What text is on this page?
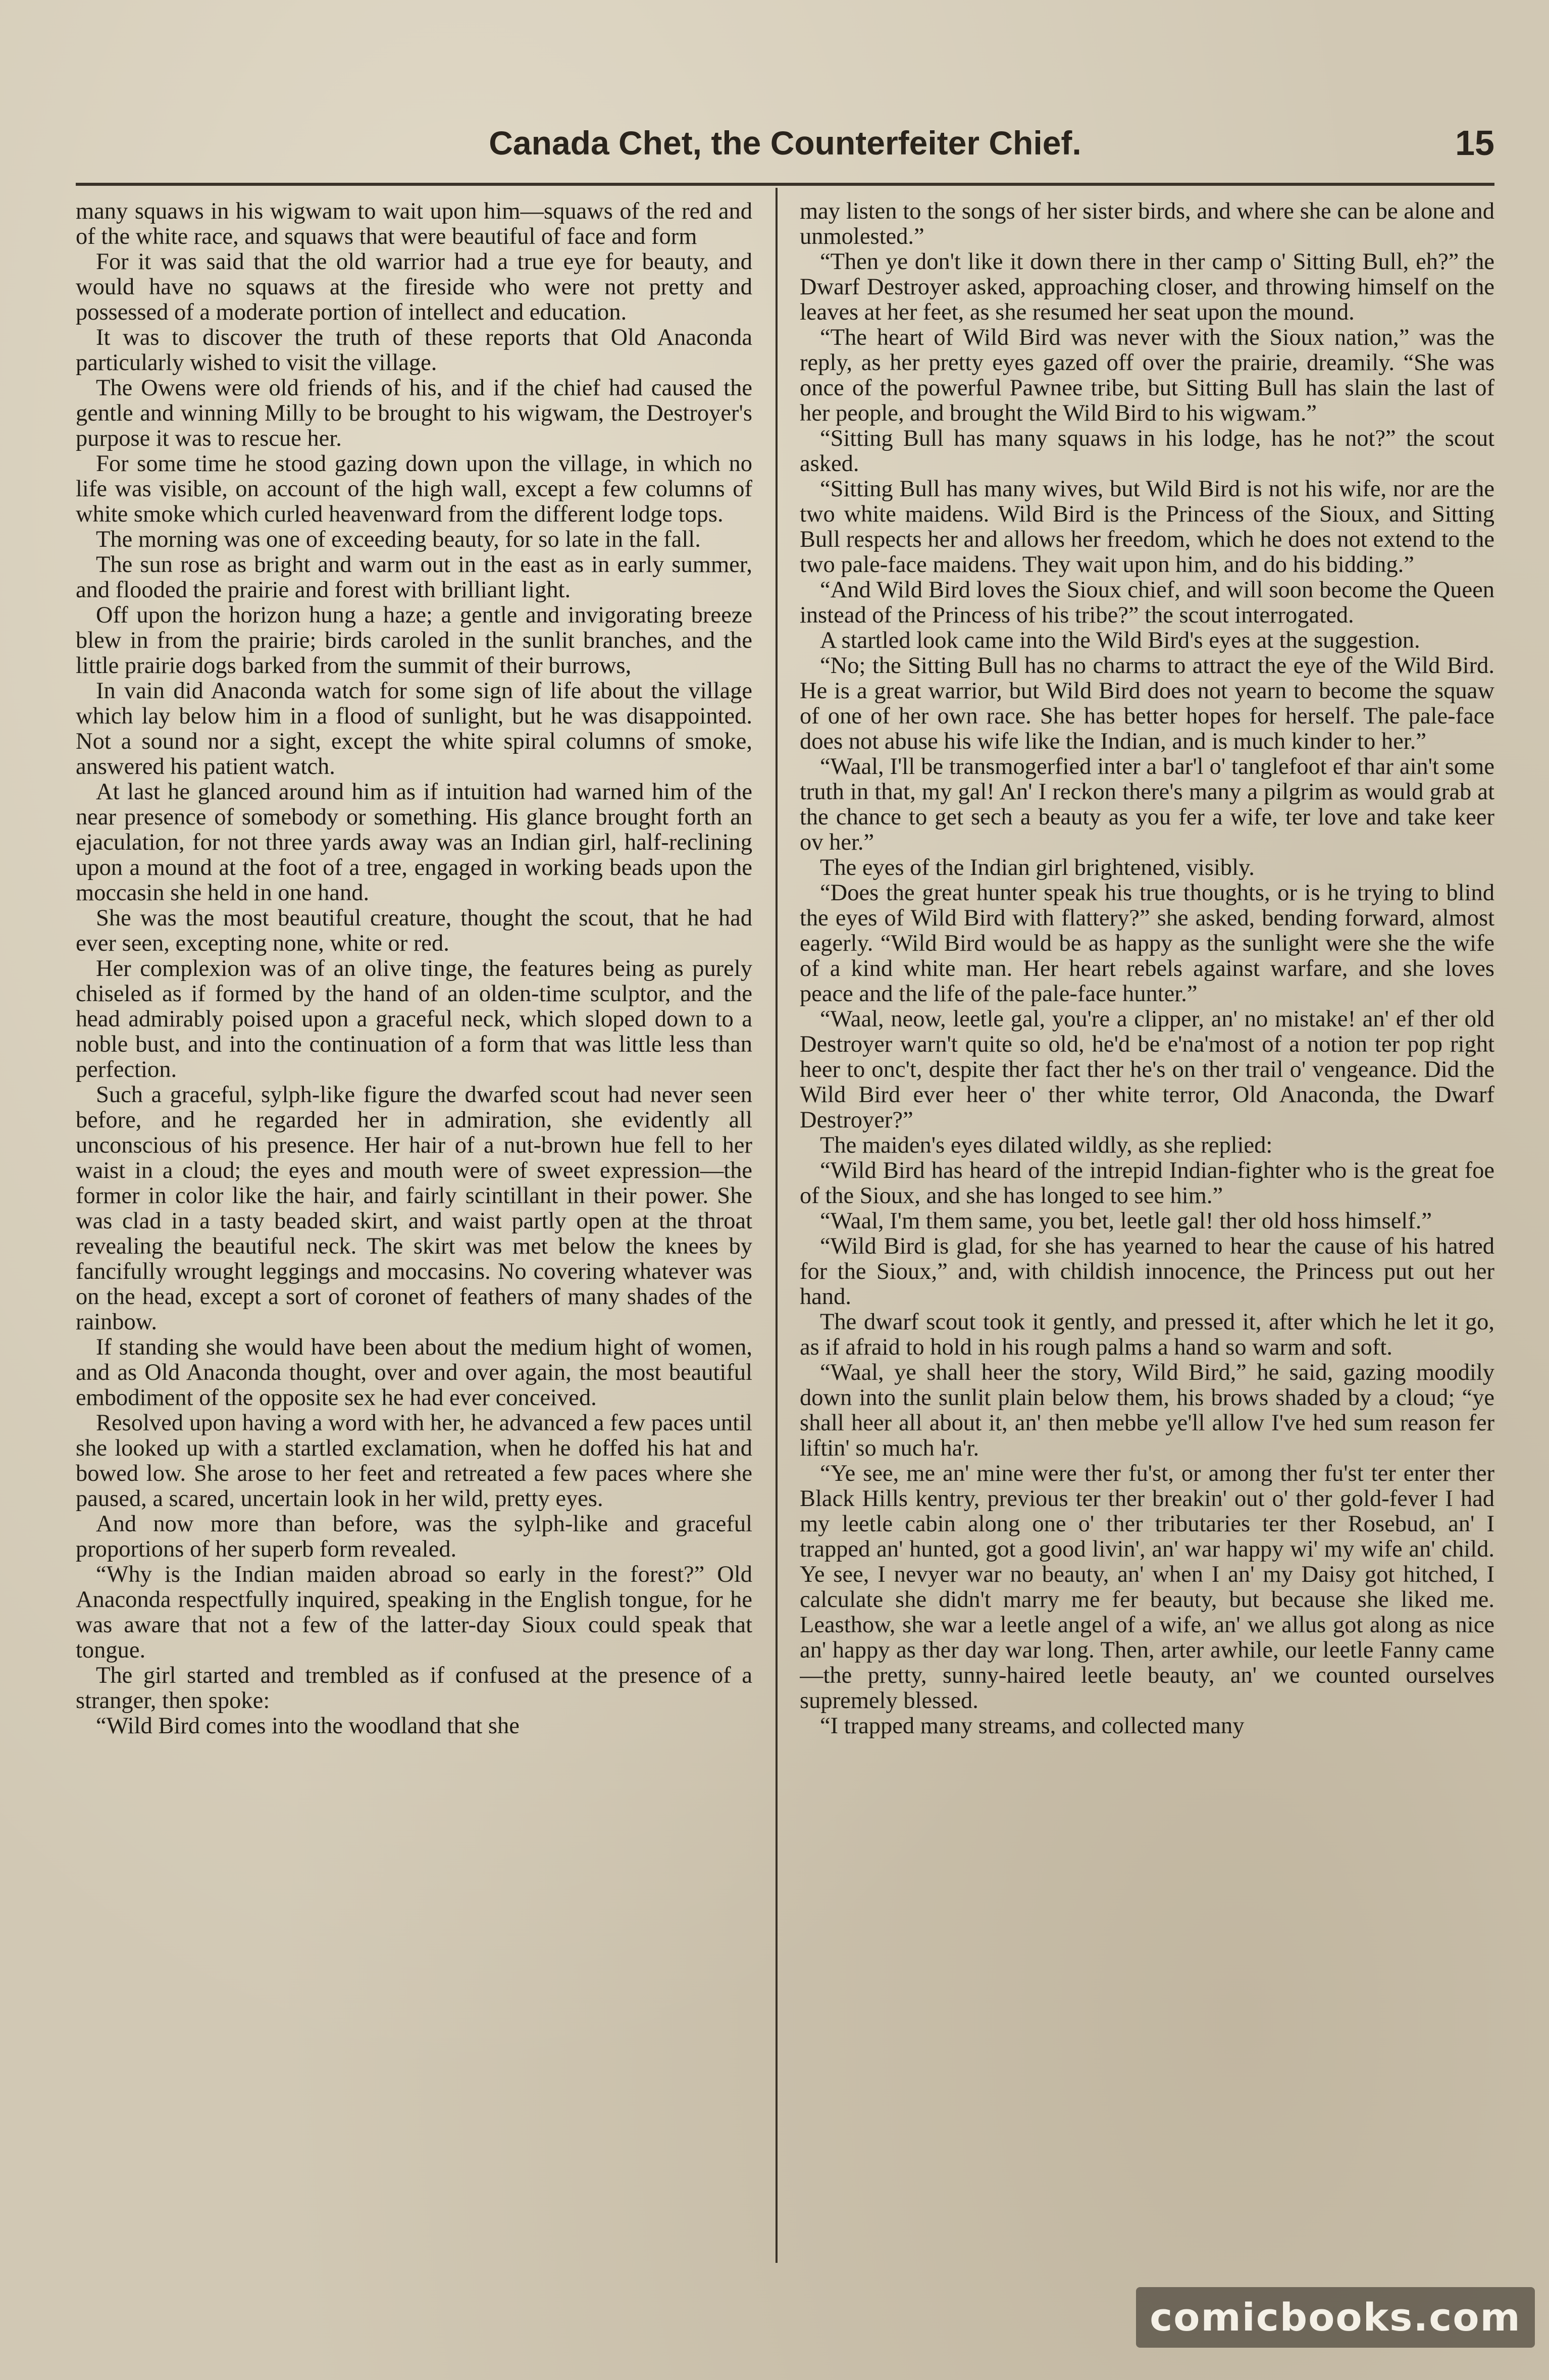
Canada Chet, the Counterfeiter Chief.	15

many squaws in his wigwam to wait upon him—squaws of the red and of the white race, and squaws that were beautiful of face and form

For it was said that the old warrior had a true eye for beauty, and would have no squaws at the fireside who were not pretty and possessed of a moderate portion of intellect and education.

It was to discover the truth of these reports that Old Anaconda particularly wished to visit the village.

The Owens were old friends of his, and if the chief had caused the gentle and winning Milly to be brought to his wigwam, the Destroyer's purpose it was to rescue her.

For some time he stood gazing down upon the village, in which no life was visible, on account of the high wall, except a few columns of white smoke which curled heavenward from the different lodge tops.

The morning was one of exceeding beauty, for so late in the fall.

The sun rose as bright and warm out in the east as in early summer, and flooded the prairie and forest with brilliant light.

Off upon the horizon hung a haze; a gentle and invigorating breeze blew in from the prairie; birds caroled in the sunlit branches, and the little prairie dogs barked from the summit of their burrows,

In vain did Anaconda watch for some sign of life about the village which lay below him in a flood of sunlight, but he was disappointed. Not a sound nor a sight, except the white spiral columns of smoke, answered his patient watch.

At last he glanced around him as if intuition had warned him of the near presence of somebody or something. His glance brought forth an ejaculation, for not three yards away was an Indian girl, half-reclining upon a mound at the foot of a tree, engaged in working beads upon the moccasin she held in one hand.

She was the most beautiful creature, thought the scout, that he had ever seen, excepting none, white or red.

Her complexion was of an olive tinge, the features being as purely chiseled as if formed by the hand of an olden-time sculptor, and the head admirably poised upon a graceful neck, which sloped down to a noble bust, and into the continuation of a form that was little less than perfection.

Such a graceful, sylph-like figure the dwarfed scout had never seen before, and he regarded her in admiration, she evidently all unconscious of his presence. Her hair of a nut-brown hue fell to her waist in a cloud; the eyes and mouth were of sweet expression—the former in color like the hair, and fairly scintillant in their power. She was clad in a tasty beaded skirt, and waist partly open at the throat revealing the beautiful neck. The skirt was met below the knees by fancifully wrought leggings and moccasins. No covering whatever was on the head, except a sort of coronet of feathers of many shades of the rainbow.

If standing she would have been about the medium hight of women, and as Old Anaconda thought, over and over again, the most beautiful embodiment of the opposite sex he had ever conceived.

Resolved upon having a word with her, he advanced a few paces until she looked up with a startled exclamation, when he doffed his hat and bowed low. She arose to her feet and retreated a few paces where she paused, a scared, uncertain look in her wild, pretty eyes.

And now more than before, was the sylph-like and graceful proportions of her superb form revealed.

“Why is the Indian maiden abroad so early in the forest?” Old Anaconda respectfully inquired, speaking in the English tongue, for he was aware that not a few of the latter-day Sioux could speak that tongue.

The girl started and trembled as if confused at the presence of a stranger, then spoke:

“Wild Bird comes into the woodland that she

may listen to the songs of her sister birds, and where she can be alone and unmolested.”

“Then ye don't like it down there in ther camp o' Sitting Bull, eh?” the Dwarf Destroyer asked, approaching closer, and throwing himself on the leaves at her feet, as she resumed her seat upon the mound.

“The heart of Wild Bird was never with the Sioux nation,” was the reply, as her pretty eyes gazed off over the prairie, dreamily. “She was once of the powerful Pawnee tribe, but Sitting Bull has slain the last of her people, and brought the Wild Bird to his wigwam.”

“Sitting Bull has many squaws in his lodge, has he not?” the scout asked.

“Sitting Bull has many wives, but Wild Bird is not his wife, nor are the two white maidens. Wild Bird is the Princess of the Sioux, and Sitting Bull respects her and allows her freedom, which he does not extend to the two pale-face maidens. They wait upon him, and do his bidding.”

“And Wild Bird loves the Sioux chief, and will soon become the Queen instead of the Princess of his tribe?” the scout interrogated.

A startled look came into the Wild Bird's eyes at the suggestion.

“No; the Sitting Bull has no charms to attract the eye of the Wild Bird. He is a great warrior, but Wild Bird does not yearn to become the squaw of one of her own race. She has better hopes for herself. The pale-face does not abuse his wife like the Indian, and is much kinder to her.”

“Waal, I'll be transmogerfied inter a bar'l o' tanglefoot ef thar ain't some truth in that, my gal! An' I reckon there's many a pilgrim as would grab at the chance to get sech a beauty as you fer a wife, ter love and take keer ov her.”

The eyes of the Indian girl brightened, visibly.

“Does the great hunter speak his true thoughts, or is he trying to blind the eyes of Wild Bird with flattery?” she asked, bending forward, almost eagerly. “Wild Bird would be as happy as the sunlight were she the wife of a kind white man. Her heart rebels against warfare, and she loves peace and the life of the pale-face hunter.”

“Waal, neow, leetle gal, you're a clipper, an' no mistake! an' ef ther old Destroyer warn't quite so old, he'd be e'na'most of a notion ter pop right heer to onc't, despite ther fact ther he's on ther trail o' vengeance. Did the Wild Bird ever heer o' ther white terror, Old Anaconda, the Dwarf Destroyer?”

The maiden's eyes dilated wildly, as she replied:

“Wild Bird has heard of the intrepid Indian-fighter who is the great foe of the Sioux, and she has longed to see him.”

“Waal, I'm them same, you bet, leetle gal! ther old hoss himself.”

“Wild Bird is glad, for she has yearned to hear the cause of his hatred for the Sioux,” and, with childish innocence, the Princess put out her hand.

The dwarf scout took it gently, and pressed it, after which he let it go, as if afraid to hold in his rough palms a hand so warm and soft.

“Waal, ye shall heer the story, Wild Bird,” he said, gazing moodily down into the sunlit plain below them, his brows shaded by a cloud; “ye shall heer all about it, an' then mebbe ye'll allow I've hed sum reason fer liftin' so much ha'r.

“Ye see, me an' mine were ther fu'st, or among ther fu'st ter enter ther Black Hills kentry, previous ter ther breakin' out o' ther gold-fever I had my leetle cabin along one o' ther tributaries ter ther Rosebud, an' I trapped an' hunted, got a good livin', an' war happy wi' my wife an' child. Ye see, I nevyer war no beauty, an' when I an' my Daisy got hitched, I calculate she didn't marry me fer beauty, but because she liked me. Leasthow, she war a leetle angel of a wife, an' we allus got along as nice an' happy as ther day war long. Then, arter awhile, our leetle Fanny came—the pretty, sunny-haired leetle beauty, an' we counted ourselves supremely blessed.

“I trapped many streams, and collected many

comicbooks.com
